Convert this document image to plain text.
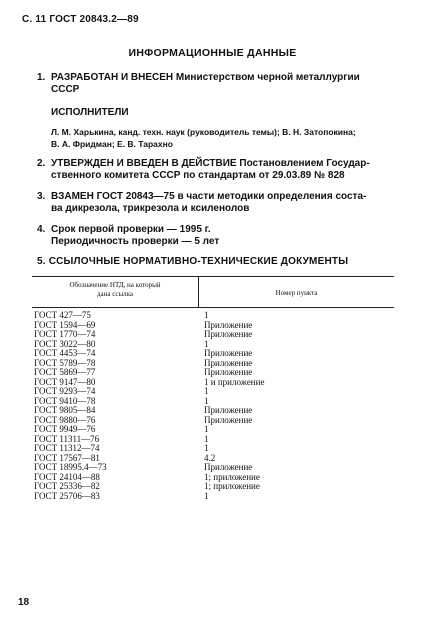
С. 11 ГОСТ 20843.2—89
ИНФОРМАЦИОННЫЕ ДАННЫЕ
1. РАЗРАБОТАН И ВНЕСЕН Министерством черной металлургии
СССР
ИСПОЛНИТЕЛИ
Л. М. Харькина, канд. техн. наук (руководитель темы); В. Н. Затопокина;
В. А. Фридман; Е. В. Тарахно
2. УТВЕРЖДЕН И ВВЕДЕН В ДЕЙСТВИЕ Постановлением Государ-
ственного комитета СССР по стандартам от 29.03.89 № 828
3. ВЗАМЕН ГОСТ 20843—75 в части методики определения соста-
ва дикрезола, трикрезола и ксиленолов
4. Срок первой проверки — 1995 г.
Периодичность проверки — 5 лет
5. ССЫЛОЧНЫЕ НОРМАТИВНО-ТЕХНИЧЕСКИЕ ДОКУМЕНТЫ
Обозначение НТД, на который
дана ссылка	Номер пункта
ГОСТ 427—75	1
ГОСТ 1594—69	Приложение
ГОСТ 1770—74	Приложение
ГОСТ 3022—80	1
ГОСТ 4453—74	Приложение
ГОСТ 5789—78	Приложение
ГОСТ 5869—77	Приложение
ГОСТ 9147—80	1 и приложение
ГОСТ 9293—74	1
ГОСТ 9410—78	1
ГОСТ 9805—84	Приложение
ГОСТ 9880—76	Приложение
ГОСТ 9949—76	1
ГОСТ 11311—76	1
ГОСТ 11312—74	1
ГОСТ 17567—81	4.2
ГОСТ 18995.4—73	Приложение
ГОСТ 24104—88	1; приложение
ГОСТ 25336—82	1; приложение
ГОСТ 25706—83	1
18
